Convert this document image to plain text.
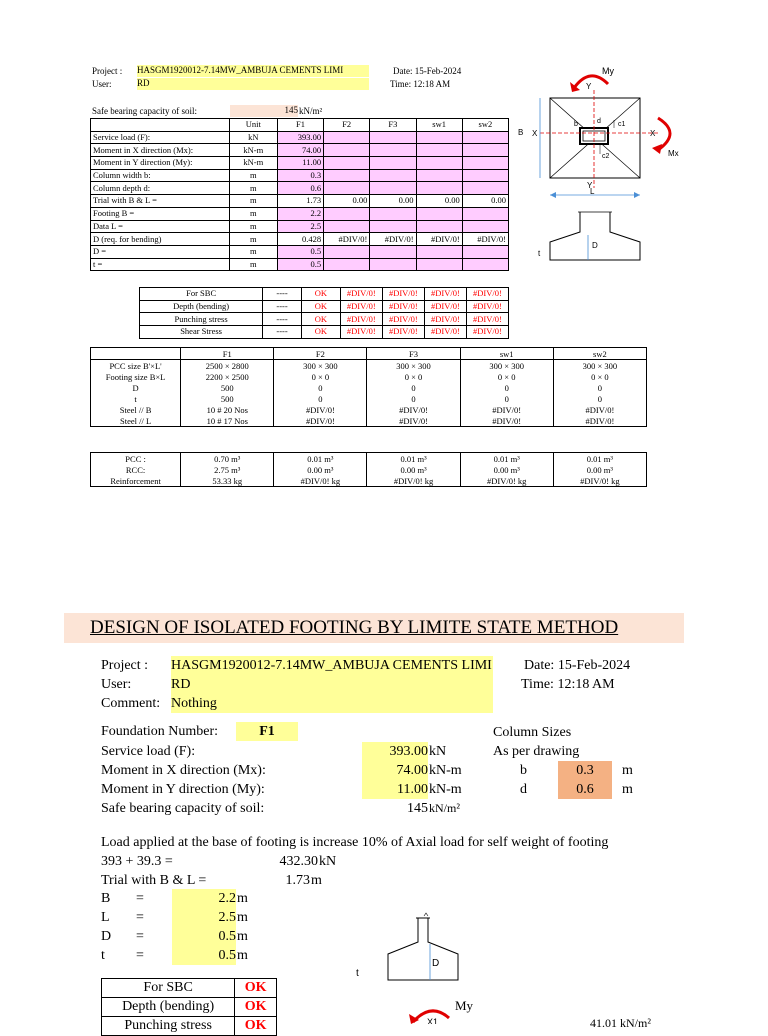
Project : HASGM1920012-7.14MW_AMBUJA CEMENTS LIMI
User:	RD
Date: 15-Feb-2024
Time: 12:18 AM
Safe bearing capacity of soil:	145 kN/m²
	Unit	F1	F2	F3	sw1	sw2
Service load (F):	kN	393.00				
Moment in X direction (Mx):	kN-m	74.00				
Moment in Y direction (My):	kN-m	11.00				
Column width b:	m	0.3				
Column depth d:	m	0.6				
Trial with B & L =	m	1.73	0.00	0.00	0.00	0.00
Footing B =	m	2.2				
Data L =	m	2.5				
D (req. for bending)	m	0.428	#DIV/0!	#DIV/0!	#DIV/0!	#DIV/0!
D =	m	0.5				
t =	m	0.5				
For SBC	----	OK	#DIV/0!	#DIV/0!	#DIV/0!	#DIV/0!
Depth (bending)	----	OK	#DIV/0!	#DIV/0!	#DIV/0!	#DIV/0!
Punching stress	----	OK	#DIV/0!	#DIV/0!	#DIV/0!	#DIV/0!
Shear Stress	----	OK	#DIV/0!	#DIV/0!	#DIV/0!	#DIV/0!
	F1	F2	F3	sw1	sw2
PCC size B'×L'	2500 × 2800	300 × 300	300 × 300	300 × 300	300 × 300
Footing size B×L	2200 × 2500	0 × 0	0 × 0	0 × 0	0 × 0
D	500	0	0	0	0
t	500	0	0	0	0
Steel // B	10 # 20 Nos	#DIV/0!	#DIV/0!	#DIV/0!	#DIV/0!
Steel // L	10 # 17 Nos	#DIV/0!	#DIV/0!	#DIV/0!	#DIV/0!
PCC :	0.70 m³	0.01 m³	0.01 m³	0.01 m³	0.01 m³
RCC:	2.75 m³	0.00 m³	0.00 m³	0.00 m³	0.00 m³
Reinforcement	53.33 kg	#DIV/0! kg	#DIV/0! kg	#DIV/0! kg	#DIV/0! kg
My
Y
X	X
B
b	d c1
c2	Mx
Y
L
D
t
DESIGN OF ISOLATED FOOTING BY LIMITE STATE METHOD
Project : HASGM1920012-7.14MW_AMBUJA CEMENTS LIMI
User:	RD
Comment: Nothing
Date: 15-Feb-2024
Time: 12:18 AM
Foundation Number:	F1
Service load (F):	393.00 kN
Moment in X direction (Mx):	74.00 kN-m
Moment in Y direction (My):	11.00 kN-m
Safe bearing capacity of soil:	145 kN/m²
Column Sizes
As per drawing
b	0.3	m
d	0.6	m
Load applied at the base of footing is increase 10% of Axial load for self weight of footing
393 + 39.3 =	432.30 kN
Trial with B & L =	1.73 m
B =	2.2 m
L =	2.5 m
D =	0.5 m
t =	0.5 m
D
t
For SBC	OK
Depth (bending)	OK
Punching stress	OK
My
X1	41.01 kN/m²
